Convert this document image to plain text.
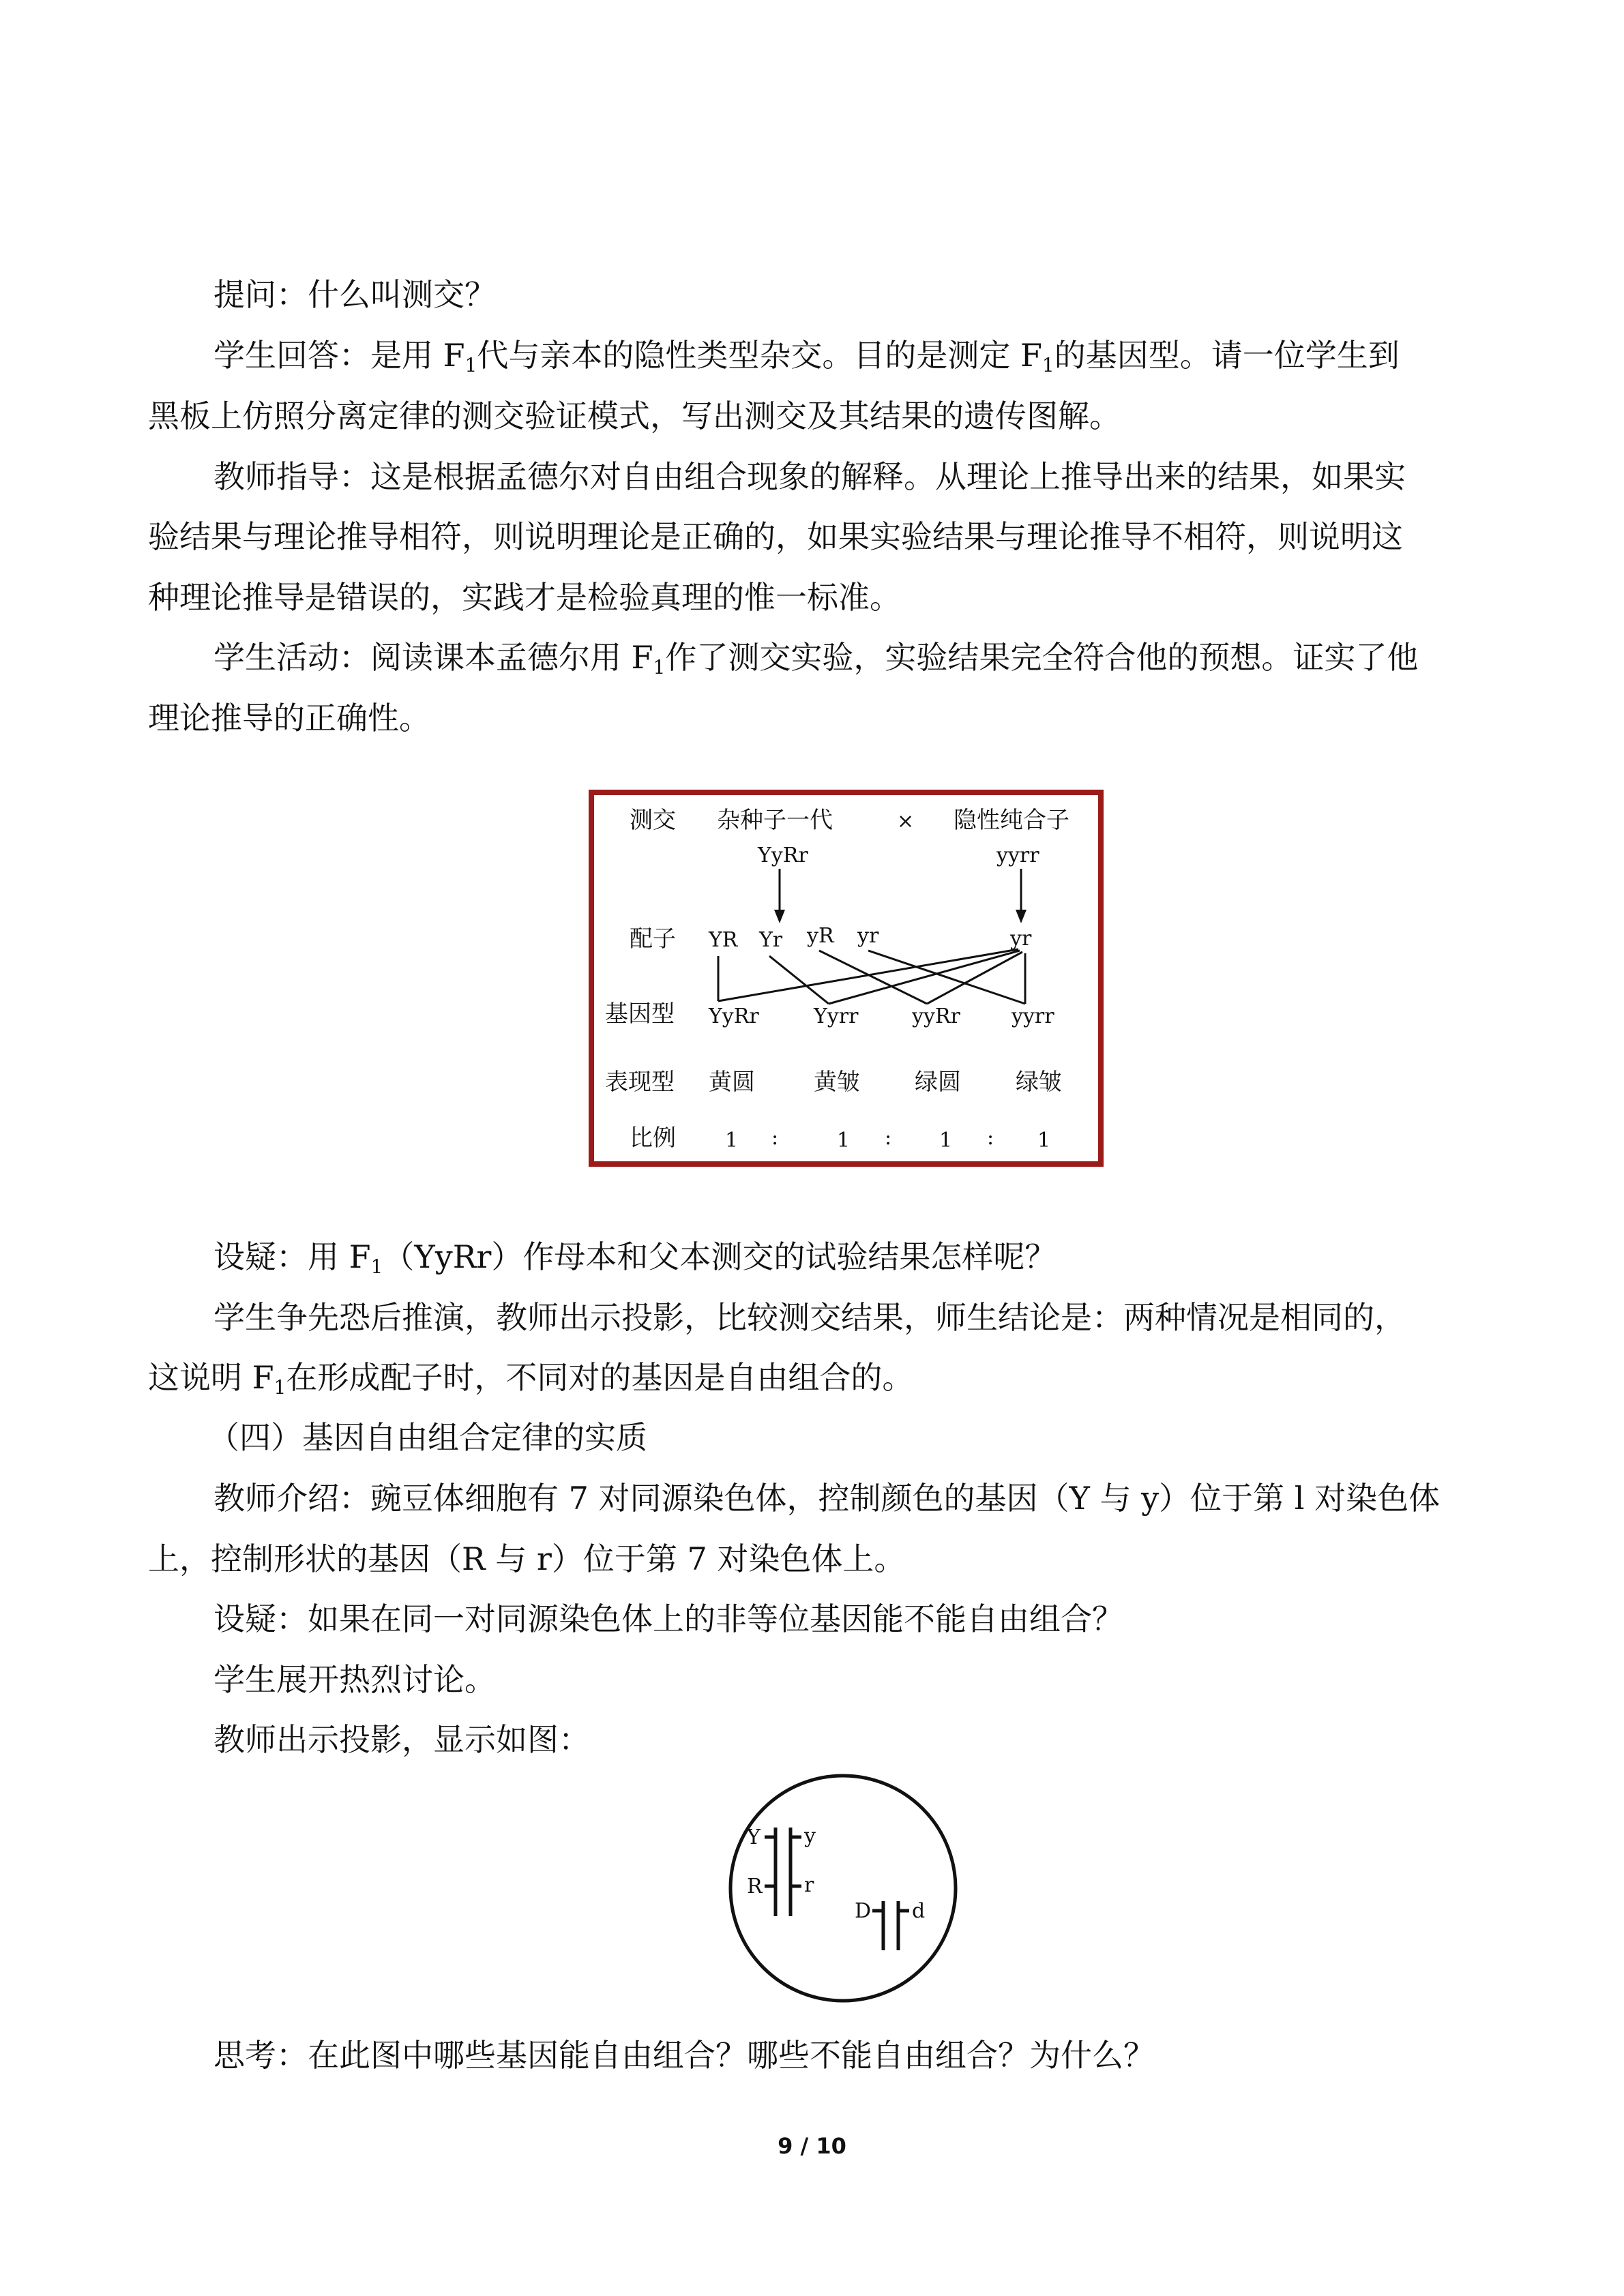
提问：什么叫测交？
学生回答：是用 $F_1$代与亲本的隐性类型杂交。目的是测定 $F_1$的基因型。请一位学生到
黑板上仿照分离定律的测交验证模式，写出测交及其结果的遗传图解。
教师指导：这是根据孟德尔对自由组合现象的解释。从理论上推导出来的结果，如果实
验结果与理论推导相符，则说明理论是正确的，如果实验结果与理论推导不相符，则说明这
种理论推导是错误的，实践才是检验真理的惟一标准。
学生活动：阅读课本孟德尔用 $F_1$作了测交实验，实验结果完全符合他的预想。证实了他
理论推导的正确性。
测交 杂种子一代	× 隐性纯合子
YyRr	yyrr
配子 YR Yr yR yr	yr
基因型 YyRr	Yyrr	yyRr	yyrr
表现型 黄圆	黄皱 绿圆 绿皱
比例 1 :	1 : 1 : 1
设疑：用 $F_1(YyRr)$作母本和父本测交的试验结果怎样呢？
学生争先恐后推演，教师出示投影，比较测交结果，师生结论是：两种情况是相同的，
这说明 $F_1$在形成配子时，不同对的基因是自由组合的。
（四）基因自由组合定律的实质
教师介绍：豌豆体细胞有 7 对同源染色体，控制颜色的基因（Y 与 y）位于第 l 对染色体
上，控制形状的基因（R 与 r）位于第 7 对染色体上。
设疑：如果在同一对同源染色体上的非等位基因能不能自由组合？
学生展开热烈讨论。
教师出示投影，显示如图：
Y y
R r
D d
思考：在此图中哪些基因能自由组合？哪些不能自由组合？为什么？
9 / 10
